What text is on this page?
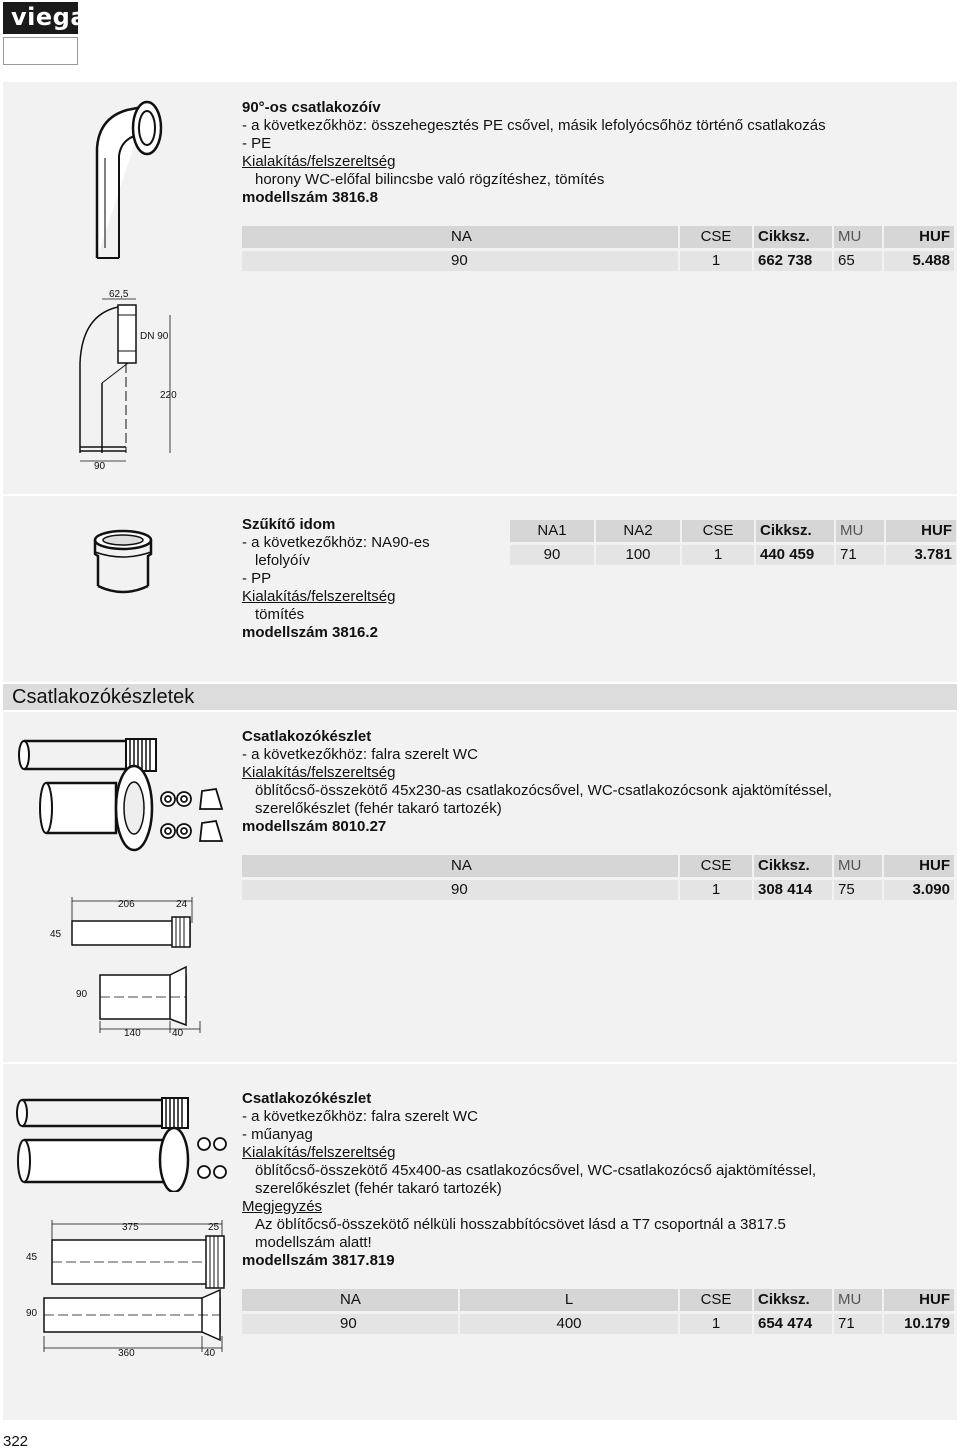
viega
90°-os csatlakozóív
- a következőkhöz: összehegesztés PE csővel, másik lefolyócsőhöz történő csatlakozás
- PE
Kialakítás/felszereltség
horony WC-előfal bilincsbe való rögzítéshez, tömítés
modellszám 3816.8
NA	CSE	Cikksz.	MU	HUF

90	1	662 738	65	5.488
62,5
DN 90
220
90
Szűkítő idom
- a következőkhöz: NA90-es
lefolyóív
- PP
Kialakítás/felszereltség
tömítés
modellszám 3816.2
NA1	NA2	CSE	Cikksz.	MU	HUF

90	100	1	440 459	71	3.781
Csatlakozókészletek
Csatlakozókészlet
- a következőkhöz: falra szerelt WC
Kialakítás/felszereltség
öblítőcső-összekötő 45x230-as csatlakozócsővel, WC-csatlakozócsonk ajaktömítéssel,
szerelőkészlet (fehér takaró tartozék)
modellszám 8010.27
NA	CSE	Cikksz.	MU	HUF

90	1	308 414	75	3.090
206	24
45
90
140	40
Csatlakozókészlet
- a következőkhöz: falra szerelt WC
- műanyag
Kialakítás/felszereltség
öblítőcső-összekötő 45x400-as csatlakozócsővel, WC-csatlakozócső ajaktömítéssel,
szerelőkészlet (fehér takaró tartozék)
Megjegyzés
Az öblítőcső-összekötő nélküli hosszabbítócsövet lásd a T7 csoportnál a 3817.5
modellszám alatt!
modellszám 3817.819
NA	L	CSE	Cikksz.	MU	HUF

90	400	1	654 474	71	10.179
375	25
45
90
360	40
322
